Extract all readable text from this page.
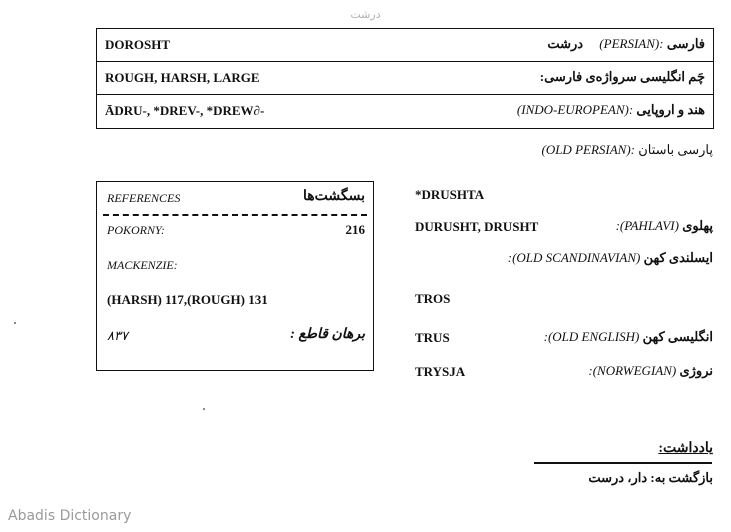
درشت
DOROSHT	فارسی (PERSIAN):     درشت
ROUGH, HARSH, LARGE	چَم انگلیسی سرواژه‌ی فارسی:
ĀDRU-, *DREV-, *DREW∂-	هند و اروپایی (INDO-EUROPEAN):
پارسی باستان (OLD PERSIAN):
REFERENCES	بسگشت‌ها
POKORNY:	216
MACKENZIE:
(HARSH) 117,(ROUGH) 131
۸۳۷	برهان قاطع :
*DRUSHTA
DURUSHT, DRUSHT	پهلوی :(PAHLAVI)
ایسلندی کهن :(OLD SCANDINAVIAN)
TROS
TRUS	انگلیسی کهن :(OLD ENGLISH)
TRYSJA	نروژی :(NORWEGIAN)
یادداشت:
بازگشت به: دار، درست
Abadis Dictionary
